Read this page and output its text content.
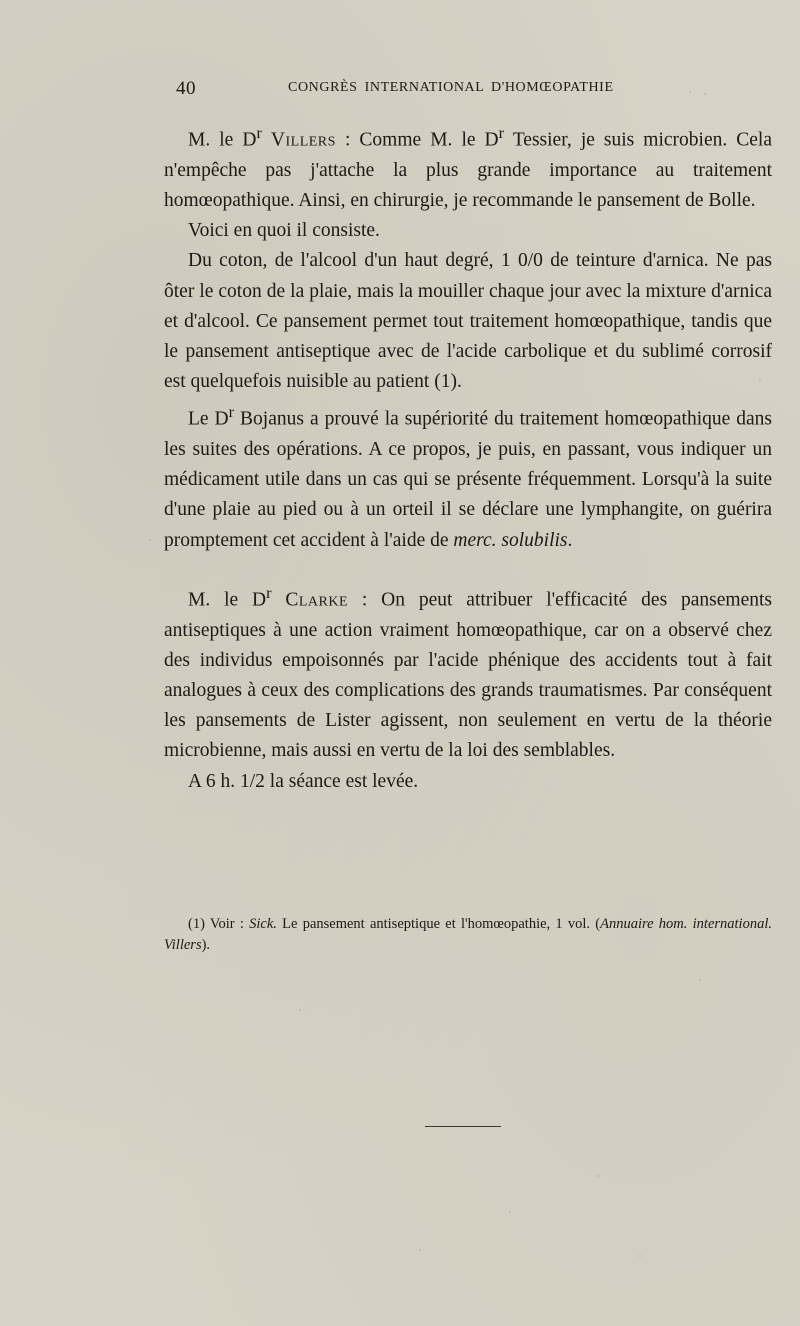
40	CONGRÈS INTERNATIONAL D'HOMŒOPATHIE

M. le $D^r$ Villers : Comme M. le $D^r$ Tessier, je suis microbien. Cela n'empêche pas j'attache la plus grande importance au traitement homœopathique. Ainsi, en chirurgie, je recommande le pansement de Bolle.

Voici en quoi il consiste.

Du coton, de l'alcool d'un haut degré, 1 0/0 de teinture d'arnica. Ne pas ôter le coton de la plaie, mais la mouiller chaque jour avec la mixture d'arnica et d'alcool. Ce pansement permet tout traitement homœopathique, tandis que le pansement antiseptique avec de l'acide carbolique et du sublimé corrosif est quelquefois nuisible au patient (1).

Le $D^r$ Bojanus a prouvé la supériorité du traitement homœopathique dans les suites des opérations. A ce propos, je puis, en passant, vous indiquer un médicament utile dans un cas qui se présente fréquemment. Lorsqu'à la suite d'une plaie au pied ou à un orteil il se déclare une lymphangite, on guérira promptement cet accident à l'aide de merc. solubilis.

M. le $D^r$ Clarke : On peut attribuer l'efficacité des pansements antiseptiques à une action vraiment homœopathique, car on a observé chez des individus empoisonnés par l'acide phénique des accidents tout à fait analogues à ceux des complications des grands traumatismes. Par conséquent les pansements de Lister agissent, non seulement en vertu de la théorie microbienne, mais aussi en vertu de la loi des semblables.

A 6 h. 1/2 la séance est levée.

(1) Voir : Sick. Le pansement antiseptique et l'homœopathie, 1 vol. (Annuaire hom. international. Villers).
